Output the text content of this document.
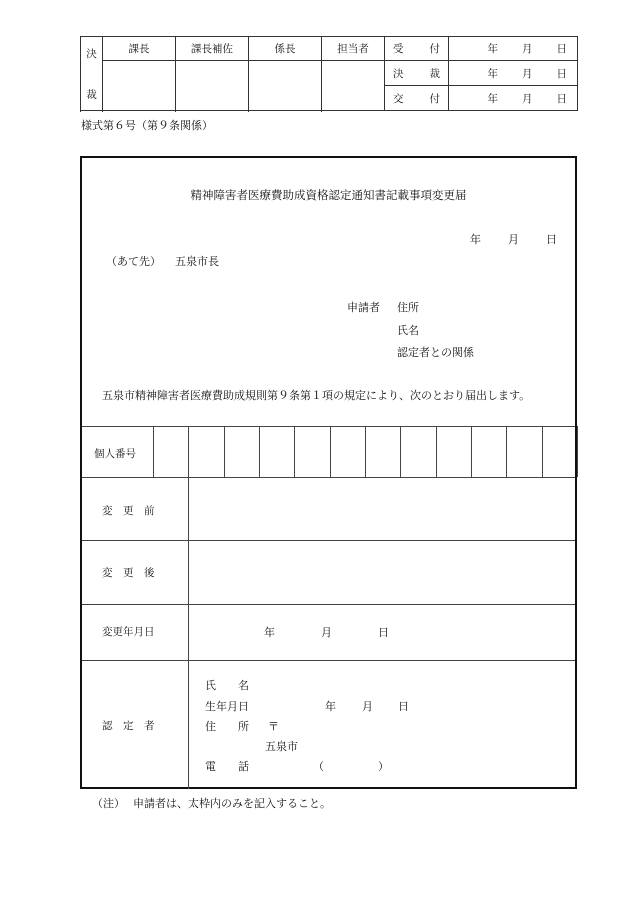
決
裁	課長	課長補佐	係長	担当者	受 付	年 月 日
					決 裁	年 月 日
					交 付	年 月 日

様式第６号（第９条関係）
精神障害者医療費助成資格認定通知書記載事項変更届
年 月 日
（あて先） 五泉市長
申請者 住所
氏名
認定者との関係
五泉市精神障害者医療費助成規則第９条第１項の規定により、次のとおり届出します。
個人番号
変　更　前
変　更　後
変更年月日	年	月	日
認　定　者
氏　　名
生年月日	年 月 日
住　　所 〒
五泉市
電　　話	（	）
（注） 申請者は、太枠内のみを記入すること。
